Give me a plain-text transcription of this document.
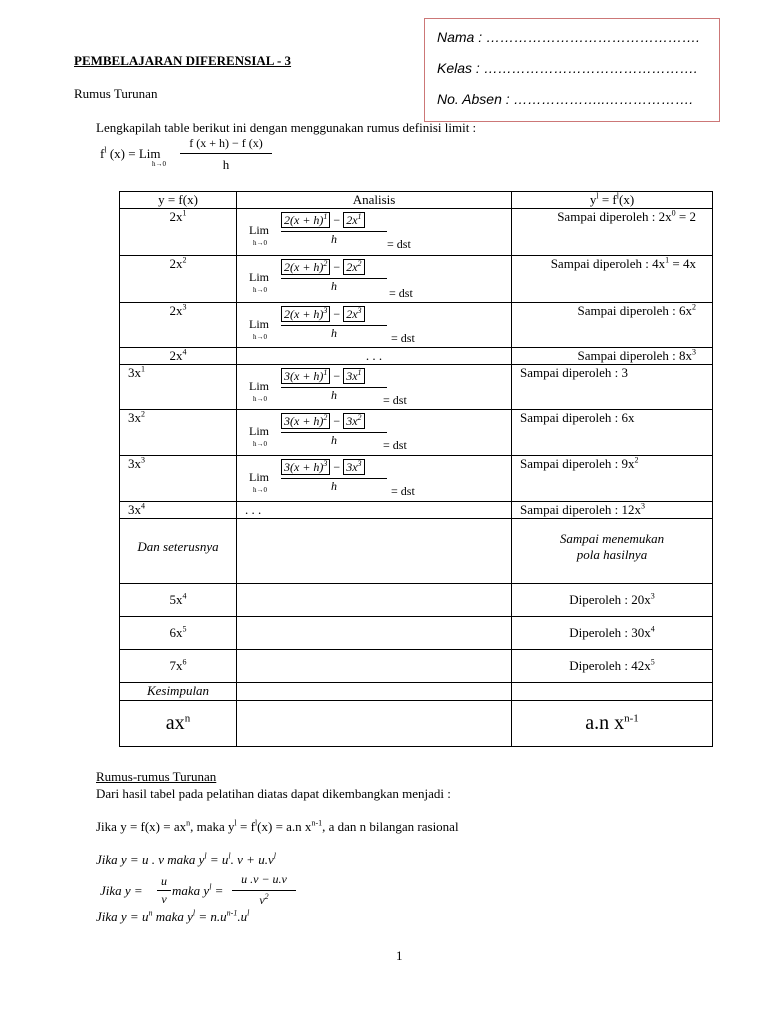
Nama : ……………………………………….
Kelas : ……………………………………….
No. Absen : ………………..……………….
PEMBELAJARAN DIFERENSIAL - 3
Rumus Turunan
Lengkapilah table berikut ini dengan menggunakan rumus definisi limit :
$f^l$ (x) = Lim
h→0
f (x + h) − f (x)
h
y = f(x)	Analisis	$y^l = f^l(x)$
$2x^1$	Lim
h→0
$2(x + h)^1 - 2x^1$
h = dst	Sampai diperoleh : $2x^0 = 2$
$2x^2$	Lim
h→0
$2(x + h)^2 - 2x^2$
h = dst	Sampai diperoleh : $4x^1 = 4x$
$2x^3$	Lim
h→0
$2(x + h)^3 - 2x^3$
h = dst	Sampai diperoleh : $6x^2$
$2x^4$	. . .	Sampai diperoleh : $8x^3$
$3x^1$	Lim
h→0
$3(x + h)^1 - 3x^1$
h = dst	Sampai diperoleh : 3
$3x^2$	Lim
h→0
$3(x + h)^2 - 3x^2$
h = dst	Sampai diperoleh : 6x
$3x^3$	Lim
h→0
$3(x + h)^3 - 3x^3$
h = dst	Sampai diperoleh : $9x^2$
$3x^4$	. . .	Sampai diperoleh : $12x^3$
Dan seterusnya		Sampai menemukan
pola hasilnya

$5x^4$		Diperoleh : $20x^3$
$6x^5$		Diperoleh : $30x^4$
$7x^6$		Diperoleh : $42x^5$
Kesimpulan		
$ax^n$		a.n $x^{n-1}$
Rumus-rumus Turunan
Dari hasil tabel pada pelatihan diatas dapat dikembangkan menjadi :
Jika $y = f(x) = ax^n$, maka $y^l = f^l(x) = a.n$ $x^{n-1}$, a dan n bilangan rasional
Jika y = u . v maka $y^l = u^l$. $v + u.v^l$
Jika y =
u
v
maka $y^l$ =
u .v − u.v
$v^2$
Jika $y = u^n$ maka $y^l = n.u^{n-1}.u^l$
1
